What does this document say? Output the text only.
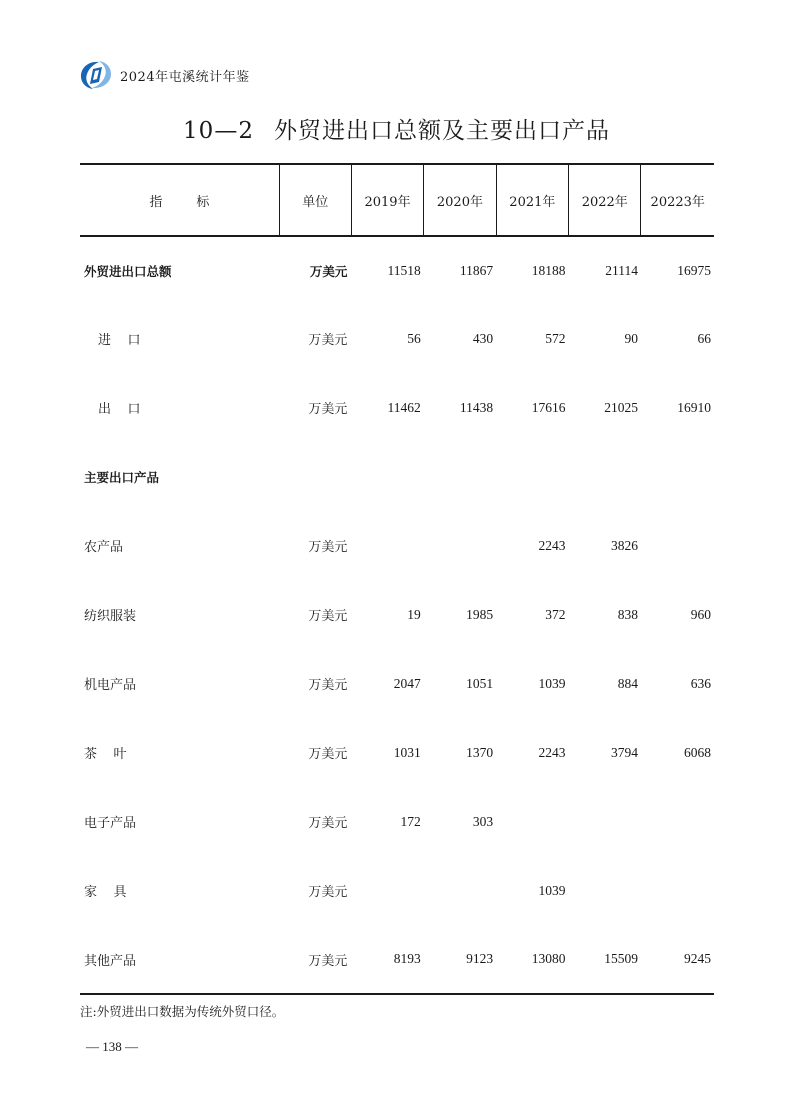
2024年屯溪统计年鉴
10—2 外贸进出口总额及主要出口产品
指 标	单位	2019年	2020年	2021年	2022年	20223年
外贸进出口总额	万美元	11518	11867	18188	21114	16975
进    口	万美元	56	430	572	90	66
出    口	万美元	11462	11438	17616	21025	16910
主要出口产品						
农产品	万美元			2243	3826	
纺织服装	万美元	19	1985	372	838	960
机电产品	万美元	2047	1051	1039	884	636
茶    叶	万美元	1031	1370	2243	3794	6068
电子产品	万美元	172	303			
家    具	万美元			1039		
其他产品	万美元	8193	9123	13080	15509	9245
注:外贸进出口数据为传统外贸口径。
— 138 —
